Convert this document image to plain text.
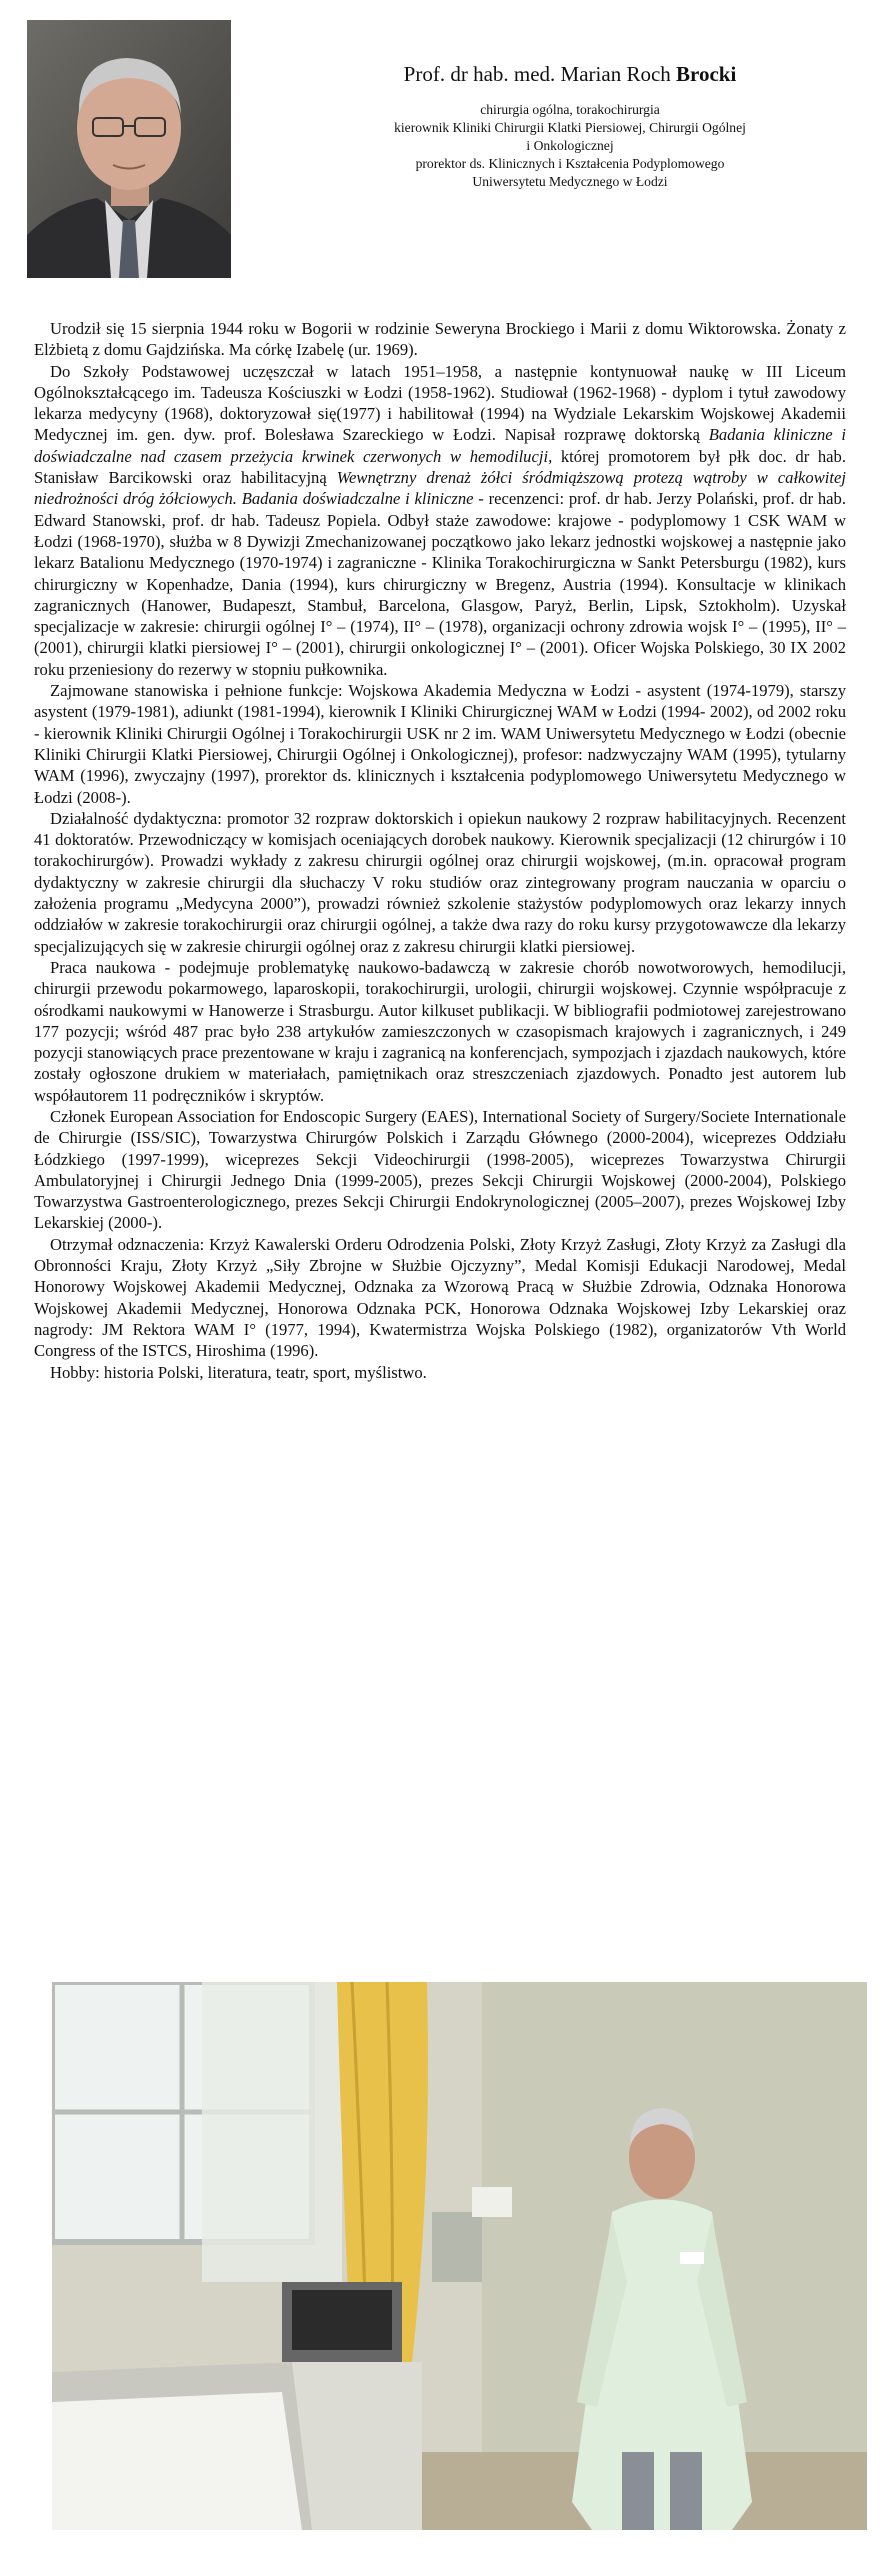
Prof. dr hab. med. Marian Roch Brocki

chirurgia ogólna, torakochirurgia

kierownik Kliniki Chirurgii Klatki Piersiowej, Chirurgii Ogólnej

i Onkologicznej

prorektor ds. Klinicznych i Kształcenia Podyplomowego

Uniwersytetu Medycznego w Łodzi

Urodził się 15 sierpnia 1944 roku w Bogorii w rodzinie Seweryna Brockiego i Marii z domu Wiktorowska. Żonaty z Elżbietą z domu Gajdzińska. Ma córkę Izabelę (ur. 1969).

Do Szkoły Podstawowej uczęszczał w latach 1951–1958, a następnie kontynuował naukę w III Liceum Ogólnokształcącego im. Tadeusza Kościuszki w Łodzi (1958-1962). Studiował (1962-1968) - dyplom i tytuł zawodowy lekarza medycyny (1968), doktoryzował się(1977) i habilitował (1994) na Wydziale Lekarskim Wojskowej Akademii Medycznej im. gen. dyw. prof. Bolesława Szareckiego w Łodzi. Napisał rozprawę doktorską Badania kliniczne i doświadczalne nad czasem przeżycia krwinek czerwonych w hemodilucji, której promotorem był płk doc. dr hab. Stanisław Barcikowski oraz habilitacyjną Wewnętrzny drenaż żółci śródmiąższową protezą wątroby w całkowitej niedrożności dróg żółciowych. Badania doświadczalne i kliniczne - recenzenci: prof. dr hab. Jerzy Polański, prof. dr hab. Edward Stanowski, prof. dr hab. Tadeusz Popiela. Odbył staże zawodowe: krajowe - podyplomowy 1 CSK WAM w Łodzi (1968-1970), służba w 8 Dywizji Zmechanizowanej początkowo jako lekarz jednostki wojskowej a następnie jako lekarz Batalionu Medycznego (1970-1974) i zagraniczne - Klinika Torakochirurgiczna w Sankt Petersburgu (1982), kurs chirurgiczny w Kopenhadze, Dania (1994), kurs chirurgiczny w Bregenz, Austria (1994). Konsultacje w klinikach zagranicznych (Hanower, Budapeszt, Stambuł, Barcelona, Glasgow, Paryż, Berlin, Lipsk, Sztokholm). Uzyskał specjalizacje w zakresie: chirurgii ogólnej I° – (1974), II° – (1978), organizacji ochrony zdrowia wojsk I° – (1995), II° – (2001), chirurgii klatki piersiowej I° – (2001), chirurgii onkologicznej I° – (2001). Oficer Wojska Polskiego, 30 IX 2002 roku przeniesiony do rezerwy w stopniu pułkownika.

Zajmowane stanowiska i pełnione funkcje: Wojskowa Akademia Medyczna w Łodzi - asystent (1974-1979), starszy asystent (1979-1981), adiunkt (1981-1994), kierownik I Kliniki Chirurgicznej WAM w Łodzi (1994- 2002), od 2002 roku - kierownik Kliniki Chirurgii Ogólnej i Torakochirurgii USK nr 2 im. WAM Uniwersytetu Medycznego w Łodzi (obecnie Kliniki Chirurgii Klatki Piersiowej, Chirurgii Ogólnej i Onkologicznej), profesor: nadzwyczajny WAM (1995), tytularny WAM (1996), zwyczajny (1997), prorektor ds. klinicznych i kształcenia podyplomowego Uniwersytetu Medycznego w Łodzi (2008-).

Działalność dydaktyczna: promotor 32 rozpraw doktorskich i opiekun naukowy 2 rozpraw habilitacyjnych. Recenzent 41 doktoratów. Przewodniczący w komisjach oceniających dorobek naukowy. Kierownik specjalizacji (12 chirurgów i 10 torakochirurgów). Prowadzi wykłady z zakresu chirurgii ogólnej oraz chirurgii wojskowej, (m.in. opracował program dydaktyczny w zakresie chirurgii dla słuchaczy V roku studiów oraz zintegrowany program nauczania w oparciu o założenia programu „Medycyna 2000”), prowadzi również szkolenie stażystów podyplomowych oraz lekarzy innych oddziałów w zakresie torakochirurgii oraz chirurgii ogólnej, a także dwa razy do roku kursy przygotowawcze dla lekarzy specjalizujących się w zakresie chirurgii ogólnej oraz z zakresu chirurgii klatki piersiowej.

Praca naukowa - podejmuje problematykę naukowo-badawczą w zakresie chorób nowotworowych, hemodilucji, chirurgii przewodu pokarmowego, laparoskopii, torakochirurgii, urologii, chirurgii wojskowej. Czynnie współpracuje z ośrodkami naukowymi w Hanowerze i Strasburgu. Autor kilkuset publikacji. W bibliografii podmiotowej zarejestrowano 177 pozycji; wśród 487 prac było 238 artykułów zamieszczonych w czasopismach krajowych i zagranicznych, i 249 pozycji stanowiących prace prezentowane w kraju i zagranicą na konferencjach, sympozjach i zjazdach naukowych, które zostały ogłoszone drukiem w materiałach, pamiętnikach oraz streszczeniach zjazdowych. Ponadto jest autorem lub współautorem 11 podręczników i skryptów.

Członek European Association for Endoscopic Surgery (EAES), International Society of Surgery/Societe Internationale de Chirurgie (ISS/SIC), Towarzystwa Chirurgów Polskich i Zarządu Głównego (2000-2004), wiceprezes Oddziału Łódzkiego (1997-1999), wiceprezes Sekcji Videochirurgii (1998-2005), wiceprezes Towarzystwa Chirurgii Ambulatoryjnej i Chirurgii Jednego Dnia (1999-2005), prezes Sekcji Chirurgii Wojskowej (2000-2004), Polskiego Towarzystwa Gastroenterologicznego, prezes Sekcji Chirurgii Endokrynologicznej (2005–2007), prezes Wojskowej Izby Lekarskiej (2000-).

Otrzymał odznaczenia: Krzyż Kawalerski Orderu Odrodzenia Polski, Złoty Krzyż Zasługi, Złoty Krzyż za Zasługi dla Obronności Kraju, Złoty Krzyż „Siły Zbrojne w Służbie Ojczyzny”, Medal Komisji Edukacji Narodowej, Medal Honorowy Wojskowej Akademii Medycznej, Odznaka za Wzorową Pracą w Służbie Zdrowia, Odznaka Honorowa Wojskowej Akademii Medycznej, Honorowa Odznaka PCK, Honorowa Odznaka Wojskowej Izby Lekarskiej oraz nagrody: JM Rektora WAM I° (1977, 1994), Kwatermistrza Wojska Polskiego (1982), organizatorów Vth World Congress of the ISTCS, Hiroshima (1996).

Hobby: historia Polski, literatura, teatr, sport, myślistwo.
